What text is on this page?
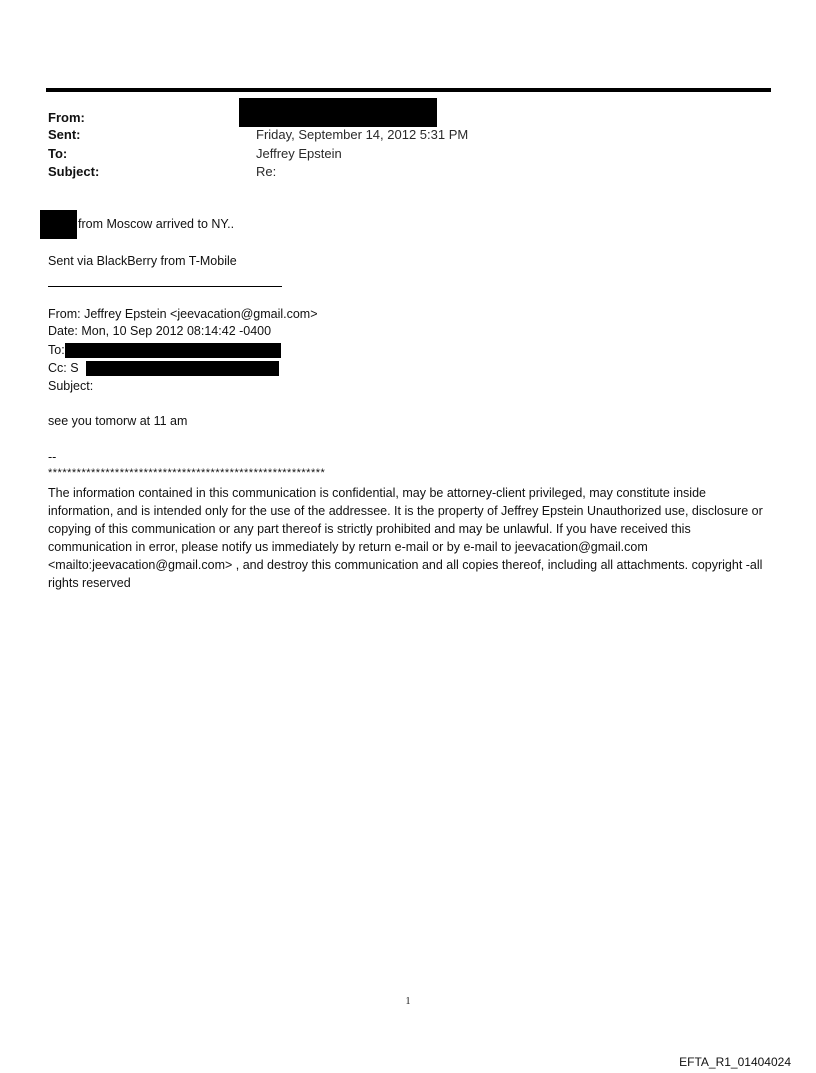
From:
Sent:
To:
Subject:
Friday, September 14, 2012 5:31 PM
Jeffrey Epstein
Re:
from Moscow arrived to NY..
Sent via BlackBerry from T-Mobile
From: Jeffrey Epstein <jeevacation@gmail.com>
Date: Mon, 10 Sep 2012 08:14:42 -0400
To:
Cc: S
Subject:
see you tomorw at 11 am
--
**********************************************************
The information contained in this communication is confidential, may be attorney-client privileged, may constitute inside information, and is intended only for the use of the addressee. It is the property of Jeffrey Epstein Unauthorized use, disclosure or copying of this communication or any part thereof is strictly prohibited and may be unlawful. If you have received this communication in error, please notify us immediately by return e-mail or by e-mail to jeevacation@gmail.com <mailto:jeevacation@gmail.com> , and destroy this communication and all copies thereof, including all attachments. copyright -all rights reserved
1
EFTA_R1_01404024
